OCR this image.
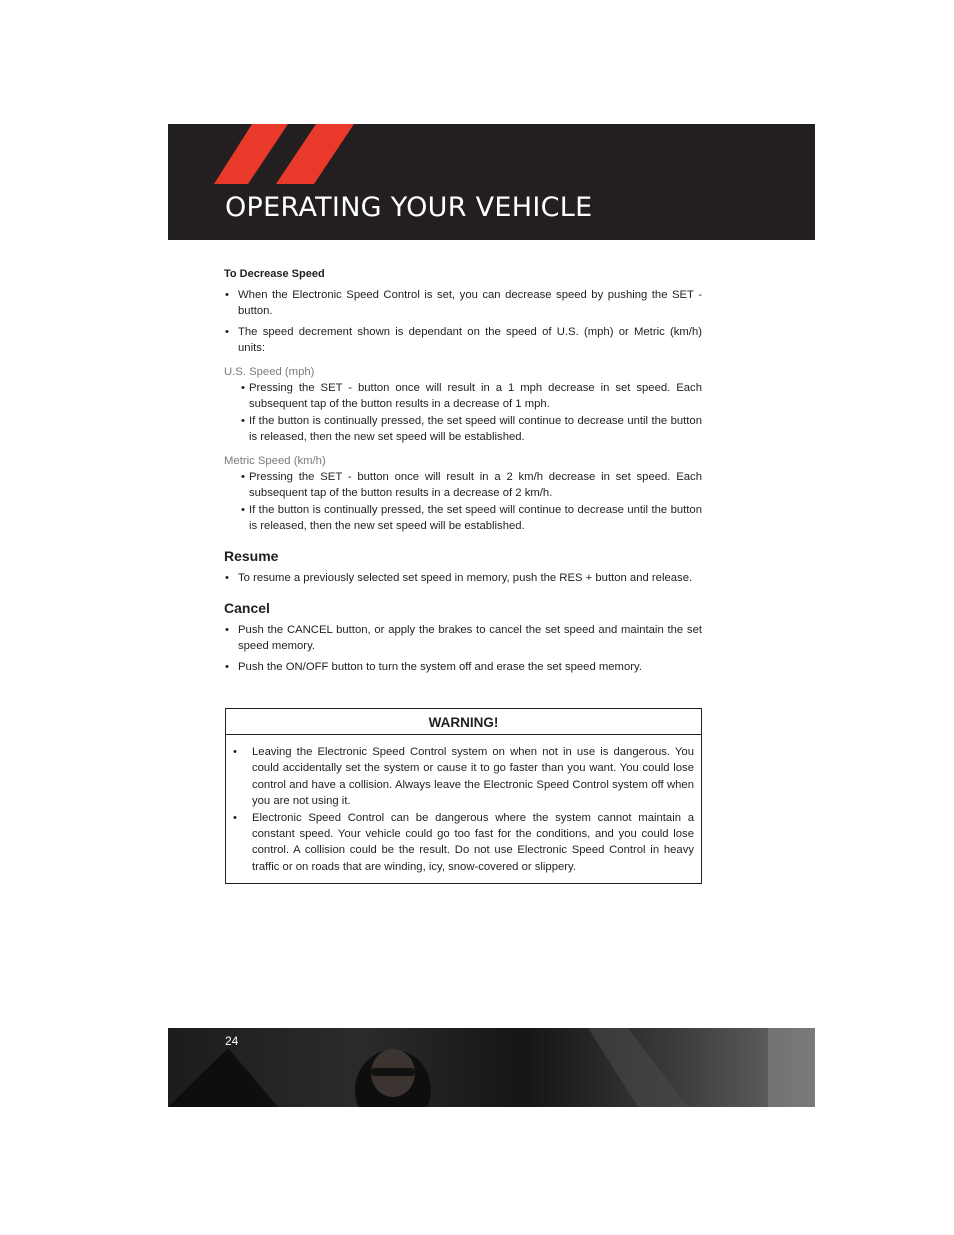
OPERATING YOUR VEHICLE
To Decrease Speed
• When the Electronic Speed Control is set, you can decrease speed by pushing the SET - button.
• The speed decrement shown is dependant on the speed of U.S. (mph) or Metric (km/h) units:
U.S. Speed (mph)
• Pressing the SET - button once will result in a 1 mph decrease in set speed. Each subsequent tap of the button results in a decrease of 1 mph.
• If the button is continually pressed, the set speed will continue to decrease until the button is released, then the new set speed will be established.
Metric Speed (km/h)
• Pressing the SET - button once will result in a 2 km/h decrease in set speed. Each subsequent tap of the button results in a decrease of 2 km/h.
• If the button is continually pressed, the set speed will continue to decrease until the button is released, then the new set speed will be established.
Resume
• To resume a previously selected set speed in memory, push the RES + button and release.
Cancel
• Push the CANCEL button, or apply the brakes to cancel the set speed and maintain the set speed memory.
• Push the ON/OFF button to turn the system off and erase the set speed memory.
WARNING!
• Leaving the Electronic Speed Control system on when not in use is dangerous. You could accidentally set the system or cause it to go faster than you want. You could lose control and have a collision. Always leave the Electronic Speed Control system off when you are not using it.
• Electronic Speed Control can be dangerous where the system cannot maintain a constant speed. Your vehicle could go too fast for the conditions, and you could lose control. A collision could be the result. Do not use Electronic Speed Control in heavy traffic or on roads that are winding, icy, snow-covered or slippery.
24
